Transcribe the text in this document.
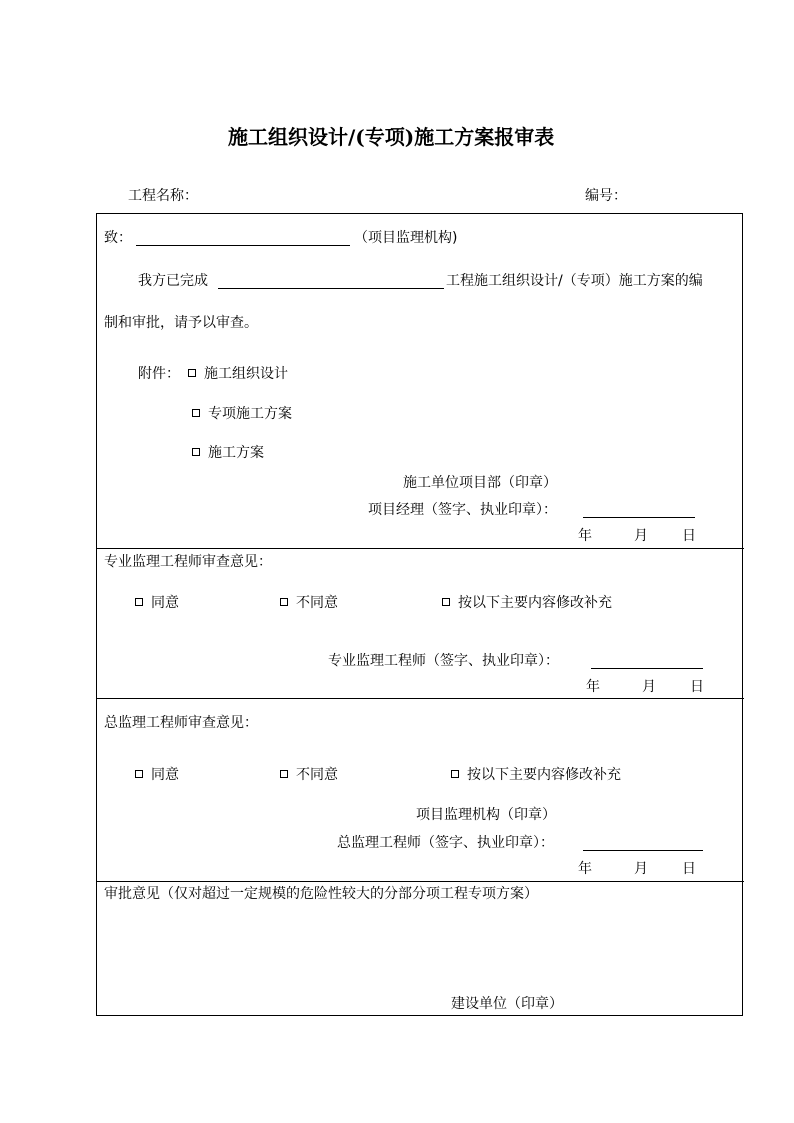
施工组织设计/(专项)施工方案报审表
工程名称：	编号：
致：	（项目监理机构)
我方已完成	工程施工组织设计/（专项）施工方案的编
制和审批，请予以审查。
附件：	施工组织设计
专项施工方案
施工方案
施工单位项目部（印章）
项目经理（签字、执业印章）：
年	月 日
专业监理工程师审查意见：
同意	不同意	按以下主要内容修改补充
专业监理工程师（签字、执业印章）：
年	月 日
总监理工程师审查意见：
同意	不同意	按以下主要内容修改补充
项目监理机构（印章）
总监理工程师（签字、执业印章）：
年	月 日
审批意见（仅对超过一定规模的危险性较大的分部分项工程专项方案）
建设单位（印章）
